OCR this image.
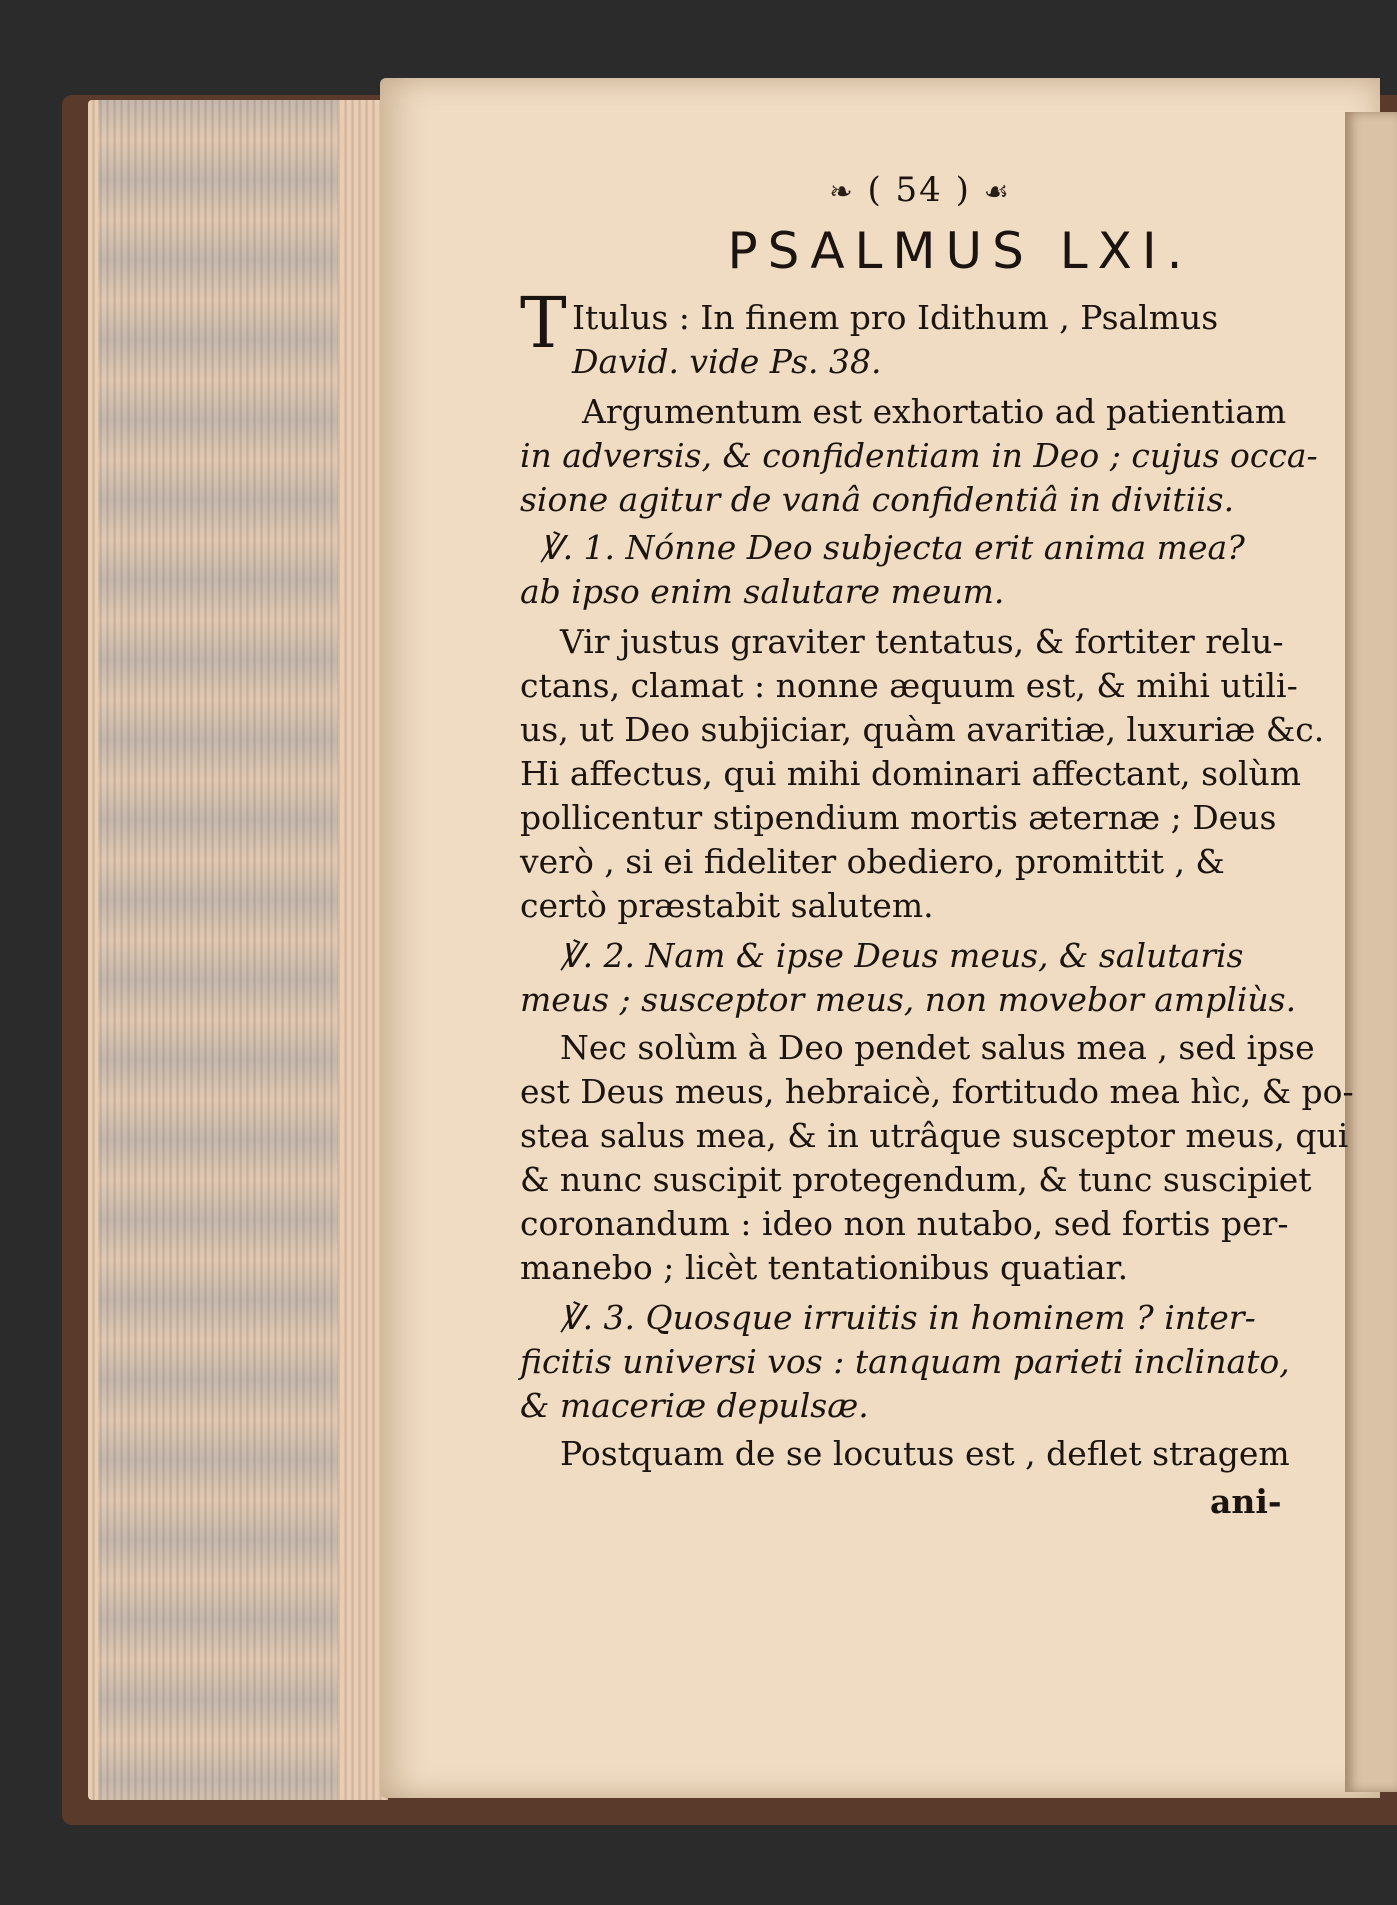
❧ ( 54 ) ☙
PSALMUS LXI.
T Itulus : In finem pro Idithum , Psalmus
David. vide Ps. 38.
Argumentum est exhortatio ad patientiam
in adversis, & confidentiam in Deo ; cujus occa-
sione agitur de vanâ confidentiâ in divitiis.
℣. 1. Nónne Deo subjecta erit anima mea?
ab ipso enim salutare meum.
Vir justus graviter tentatus, & fortiter relu-
ctans, clamat : nonne æquum est, & mihi utili-
us, ut Deo subjiciar, quàm avaritiæ, luxuriæ &c.
Hi affectus, qui mihi dominari affectant, solùm
pollicentur stipendium mortis æternæ ; Deus
verò , si ei fideliter obediero, promittit , &
certò præstabit salutem.
℣. 2. Nam & ipse Deus meus, & salutaris
meus ; susceptor meus, non movebor ampliùs.
Nec solùm à Deo pendet salus mea , sed ipse
est Deus meus, hebraicè, fortitudo mea hìc, & po-
stea salus mea, & in utrâque susceptor meus, qui
& nunc suscipit protegendum, & tunc suscipiet
coronandum : ideo non nutabo, sed fortis per-
manebo ; licèt tentationibus quatiar.
℣. 3. Quosque irruitis in hominem ? inter-
ficitis universi vos : tanquam parieti inclinato,
& maceriæ depulsæ.
Postquam de se locutus est , deflet stragem
ani-
